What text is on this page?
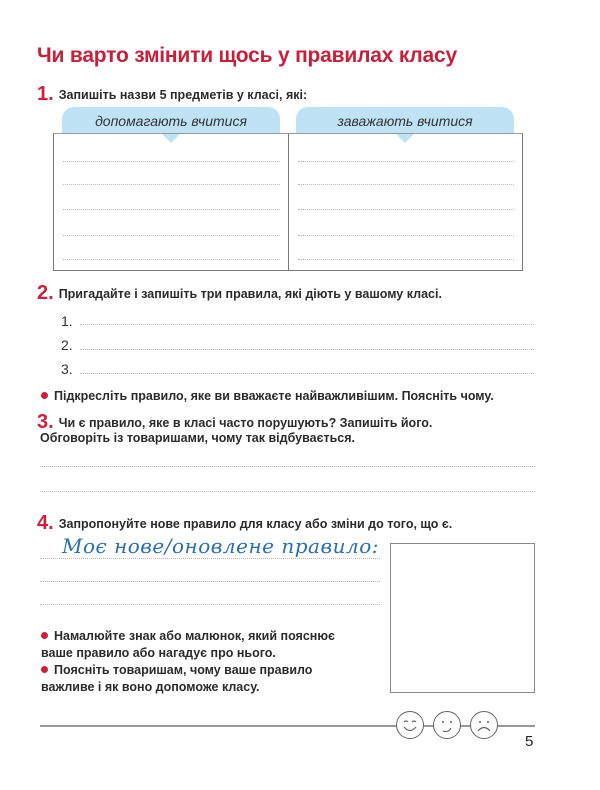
Чи варто змінити щось у правилах класу
1. Запишіть назви 5 предметів у класі, які:
допомагають вчитися	заважають вчитися
2. Пригадайте і запишіть три правила, які діють у вашому класі.
1.
2.
3.
Підкресліть правило, яке ви вважаєте найважливішим. Поясніть чому.
3. Чи є правило, яке в класі часто порушують? Запишіть його.
Обговоріть із товаришами, чому так відбувається.
4. Запропонуйте нове правило для класу або зміни до того, що є.
Моє нове/оновлене правило:
Намалюйте знак або малюнок, який пояснює
ваше правило або нагадує про нього.
Поясніть товаришам, чому ваше правило
важливе і як воно допоможе класу.
5
